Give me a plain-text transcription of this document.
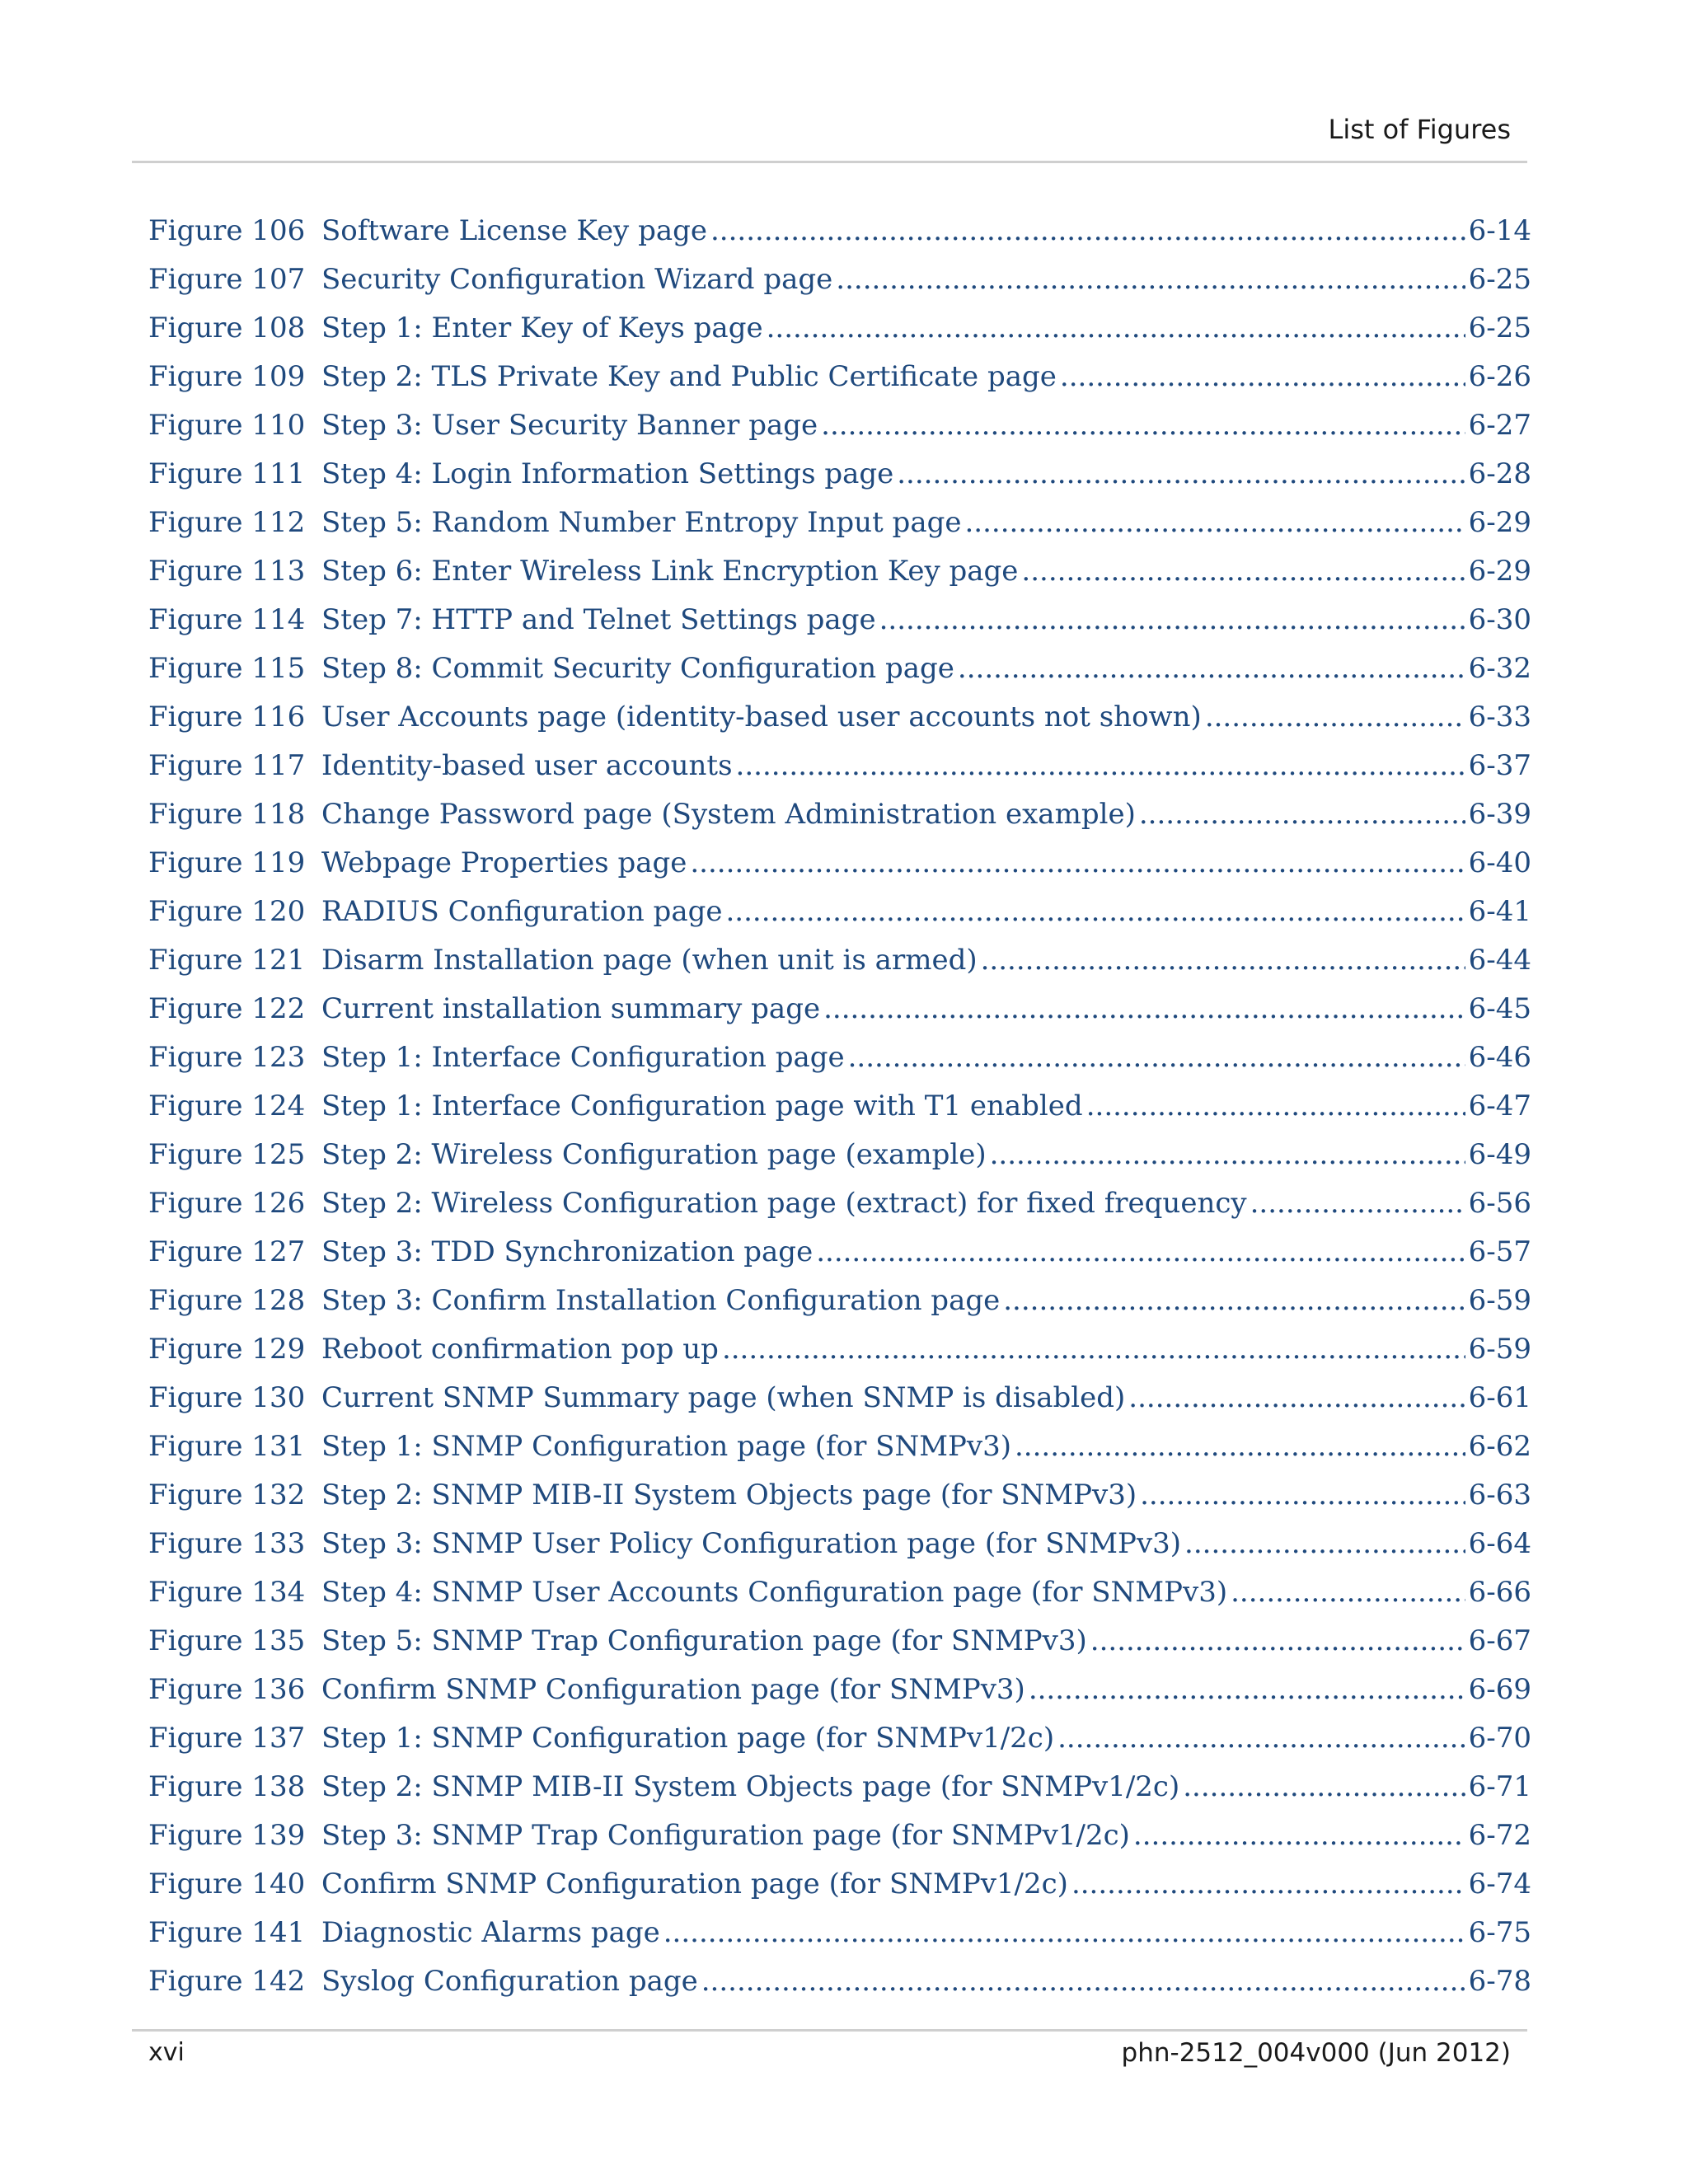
List of Figures
Figure 106 Software License Key page .....	6-14
Figure 107 Security Configuration Wizard page .....	6-25
Figure 108 Step 1: Enter Key of Keys page .....	6-25
Figure 109 Step 2: TLS Private Key and Public Certificate page .....	6-26
Figure 110 Step 3: User Security Banner page .....	6-27
Figure 111 Step 4: Login Information Settings page .....	6-28
Figure 112 Step 5: Random Number Entropy Input page .....	6-29
Figure 113 Step 6: Enter Wireless Link Encryption Key page .....	6-29
Figure 114 Step 7: HTTP and Telnet Settings page .....	6-30
Figure 115 Step 8: Commit Security Configuration page .....	6-32
Figure 116 User Accounts page (identity-based user accounts not shown) .....	6-33
Figure 117 Identity-based user accounts .....	6-37
Figure 118 Change Password page (System Administration example) .....	6-39
Figure 119 Webpage Properties page .....	6-40
Figure 120 RADIUS Configuration page .....	6-41
Figure 121 Disarm Installation page (when unit is armed) .....	6-44
Figure 122 Current installation summary page .....	6-45
Figure 123 Step 1: Interface Configuration page .....	6-46
Figure 124 Step 1: Interface Configuration page with T1 enabled .....	6-47
Figure 125 Step 2: Wireless Configuration page (example) .....	6-49
Figure 126 Step 2: Wireless Configuration page (extract) for fixed frequency .....	6-56
Figure 127 Step 3: TDD Synchronization page .....	6-57
Figure 128 Step 3: Confirm Installation Configuration page .....	6-59
Figure 129 Reboot confirmation pop up .....	6-59
Figure 130 Current SNMP Summary page (when SNMP is disabled) .....	6-61
Figure 131 Step 1: SNMP Configuration page (for SNMPv3) .....	6-62
Figure 132 Step 2: SNMP MIB-II System Objects page (for SNMPv3) .....	6-63
Figure 133 Step 3: SNMP User Policy Configuration page (for SNMPv3) .....	6-64
Figure 134 Step 4: SNMP User Accounts Configuration page (for SNMPv3) .....	6-66
Figure 135 Step 5: SNMP Trap Configuration page (for SNMPv3) .....	6-67
Figure 136 Confirm SNMP Configuration page (for SNMPv3) .....	6-69
Figure 137 Step 1: SNMP Configuration page (for SNMPv1/2c) .....	6-70
Figure 138 Step 2: SNMP MIB-II System Objects page (for SNMPv1/2c) .....	6-71
Figure 139 Step 3: SNMP Trap Configuration page (for SNMPv1/2c) .....	6-72
Figure 140 Confirm SNMP Configuration page (for SNMPv1/2c) .....	6-74
Figure 141 Diagnostic Alarms page .....	6-75
Figure 142 Syslog Configuration page .....	6-78
xvi	phn-2512_004v000 (Jun 2012)
